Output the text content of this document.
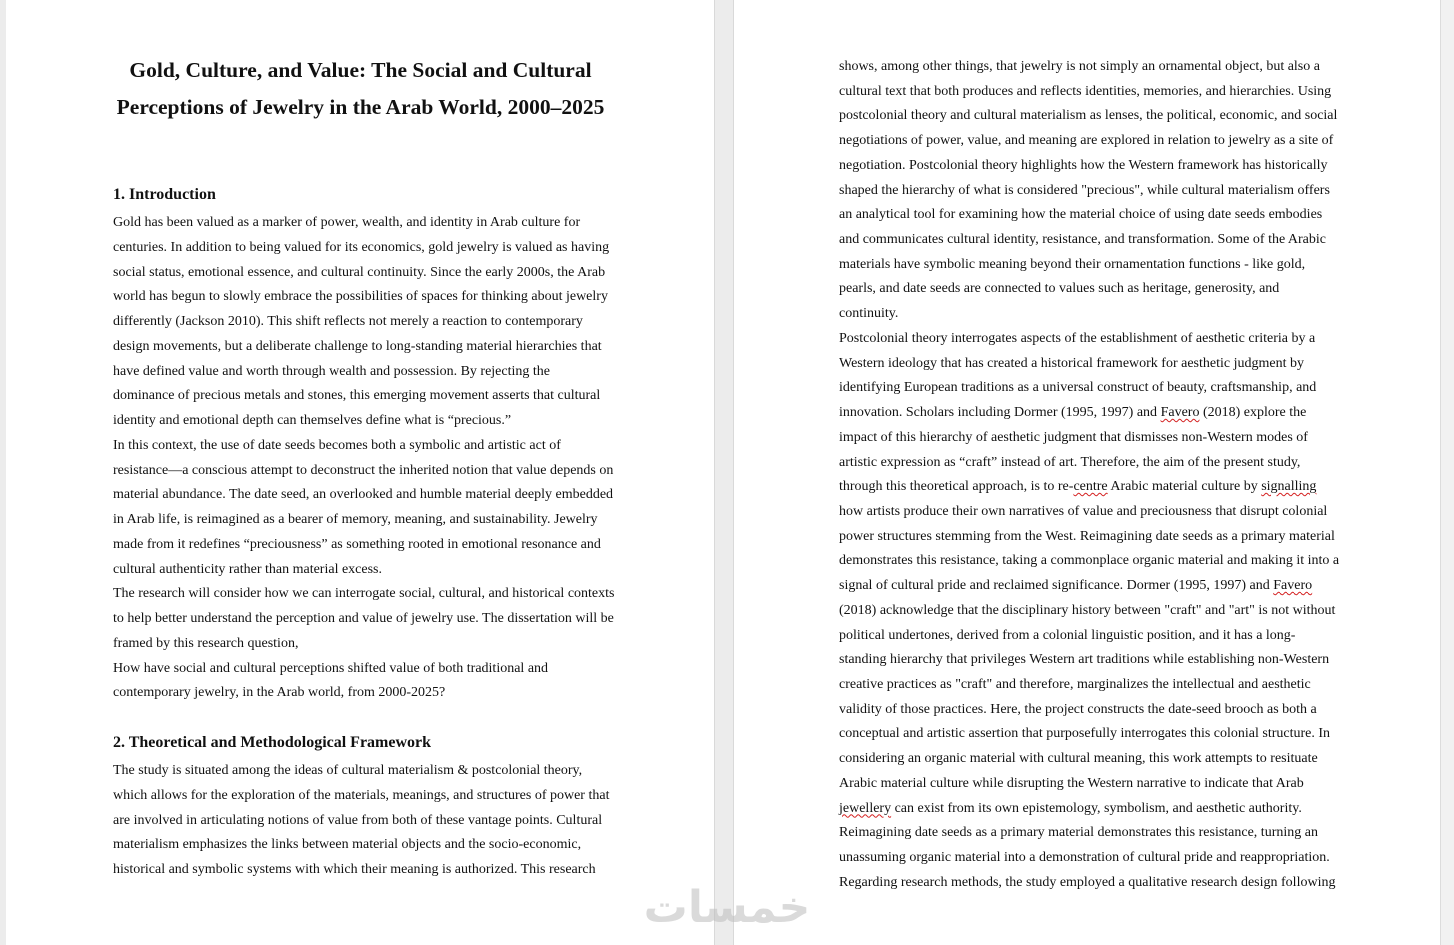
Gold, Culture, and Value: The Social and Cultural
Perceptions of Jewelry in the Arab World, 2000–2025
1. Introduction
Gold has been valued as a marker of power, wealth, and identity in Arab culture for
centuries. In addition to being valued for its economics, gold jewelry is valued as having
social status, emotional essence, and cultural continuity. Since the early 2000s, the Arab
world has begun to slowly embrace the possibilities of spaces for thinking about jewelry
differently (Jackson 2010). This shift reflects not merely a reaction to contemporary
design movements, but a deliberate challenge to long-standing material hierarchies that
have defined value and worth through wealth and possession. By rejecting the
dominance of precious metals and stones, this emerging movement asserts that cultural
identity and emotional depth can themselves define what is “precious.”
In this context, the use of date seeds becomes both a symbolic and artistic act of
resistance—a conscious attempt to deconstruct the inherited notion that value depends on
material abundance. The date seed, an overlooked and humble material deeply embedded
in Arab life, is reimagined as a bearer of memory, meaning, and sustainability. Jewelry
made from it redefines “preciousness” as something rooted in emotional resonance and
cultural authenticity rather than material excess.
The research will consider how we can interrogate social, cultural, and historical contexts
to help better understand the perception and value of jewelry use. The dissertation will be
framed by this research question,
How have social and cultural perceptions shifted value of both traditional and
contemporary jewelry, in the Arab world, from 2000-2025?
2. Theoretical and Methodological Framework
The study is situated among the ideas of cultural materialism & postcolonial theory,
which allows for the exploration of the materials, meanings, and structures of power that
are involved in articulating notions of value from both of these vantage points. Cultural
materialism emphasizes the links between material objects and the socio-economic,
historical and symbolic systems with which their meaning is authorized. This research
shows, among other things, that jewelry is not simply an ornamental object, but also a
cultural text that both produces and reflects identities, memories, and hierarchies. Using
postcolonial theory and cultural materialism as lenses, the political, economic, and social
negotiations of power, value, and meaning are explored in relation to jewelry as a site of
negotiation. Postcolonial theory highlights how the Western framework has historically
shaped the hierarchy of what is considered "precious", while cultural materialism offers
an analytical tool for examining how the material choice of using date seeds embodies
and communicates cultural identity, resistance, and transformation. Some of the Arabic
materials have symbolic meaning beyond their ornamentation functions - like gold,
pearls, and date seeds are connected to values such as heritage, generosity, and
continuity.
Postcolonial theory interrogates aspects of the establishment of aesthetic criteria by a
Western ideology that has created a historical framework for aesthetic judgment by
identifying European traditions as a universal construct of beauty, craftsmanship, and
innovation. Scholars including Dormer (1995, 1997) and Favero (2018) explore the
impact of this hierarchy of aesthetic judgment that dismisses non-Western modes of
artistic expression as “craft” instead of art. Therefore, the aim of the present study,
through this theoretical approach, is to re-centre Arabic material culture by signalling
how artists produce their own narratives of value and preciousness that disrupt colonial
power structures stemming from the West. Reimagining date seeds as a primary material
demonstrates this resistance, taking a commonplace organic material and making it into a
signal of cultural pride and reclaimed significance. Dormer (1995, 1997) and Favero
(2018) acknowledge that the disciplinary history between "craft" and "art" is not without
political undertones, derived from a colonial linguistic position, and it has a long-
standing hierarchy that privileges Western art traditions while establishing non-Western
creative practices as "craft" and therefore, marginalizes the intellectual and aesthetic
validity of those practices. Here, the project constructs the date-seed brooch as both a
conceptual and artistic assertion that purposefully interrogates this colonial structure. In
considering an organic material with cultural meaning, this work attempts to resituate
Arabic material culture while disrupting the Western narrative to indicate that Arab
jewellery can exist from its own epistemology, symbolism, and aesthetic authority.
Reimagining date seeds as a primary material demonstrates this resistance, turning an
unassuming organic material into a demonstration of cultural pride and reappropriation.
Regarding research methods, the study employed a qualitative research design following
خمسات
